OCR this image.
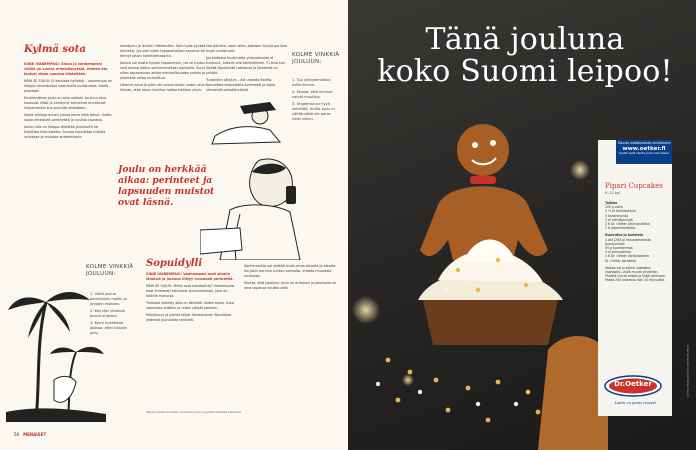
Kylmä sota

SINIE IVANEMPÄSI: Sinun ja vanhempiesi välillä on suuria erimielisyyksiä, etenkä ota joulusi viime vuosina kiistellään.

RÄIN SE SUJUU: Ei kannata hyökätä – vanhempia on helppo raivostuttaa vaatimalla uudistuksia. Aloita pienestä.

Ensimmäinen joulu on aina vaikein. Jouluun aina kuuluvat riidat ja kiristynyt tunnelma muuttuvat helpommiksi kun puhutte etukäteen.

Vasta viikkoja ennen juhlaa kerro mitä toivot. Voitte sopia yhteisistä perinteistä ja uusista tavoista.

Joulun alla on helppo lähettää joulukortti tai kirjoittaa kirje kaikille. Sanoja kannattaa miettiä rauhassa ja muistaa anteeksianto.

kemäpeni jo leuhän riitelemään. Voit myös pyytää anteeksi, jos olet viime tapaamisellasi sanonut tai tehnyt jotain harkitsematonta.

Joulusi voi avata hyvien tapaamisen, jos se tuntuu sinä alussa oletus vanhemmaltasi sopivalta. Suuri sillan tapaaminen antaa mahdollisuuden palata ja jokaiselle aikaa rauhoittua.

Lämmin sana ja pieni ele voivat avata uuden alun. Muista, ettei sinun tarvitse hoitaa kaikkea yksin.

kaa palveta, vaan ollein jokaisen ilpryjä perinne myös uudistuvat.

Jos kaikesta huolimatta yhteydenotto ei tuntunut, kokeile olla kärsivällinen. Ei aina kun löytää täydellistä ratkaisua ja tärkeintä on yrittää.

Tunteiden säilytys – älä unohda itseäsi. Kannattaa keskustella avoimesti ja sopia yhteisistä pelisäännöistä.

KOLME VINKKIÄ JOULUUN:

1. Tuo yhteydenottoa esille kerran.

2. Muista, että ihmiset voivat muuttua.

3. Ongelmat on hyvä selvittää, mutta joulu ei välttämättä ole paras hetki siihen.

Joulu on herkkää aikaa: perinteet ja lapsuuden muistot ovat läsnä.
KOLME VINKKIÄ JOULUUN:

1. Vietä joulua perinteisen mallin ja arvojen mukaan.

2. Käy läpi yhdessä joulun ohjelma.

3. Kerro toiveistasi ajoissa, ettei kukaan pety.

Sopuidylli

SINIE IVANEMPÄSI: Vanhempasi ovat sinulle läheisiä ja jouluun liittyy runsaasti perinteitä.

RÄIN SE SUJUU: Mitkä ovat kohokohtia? Vanhempasi ovat ilmeisesti tottuneet joulunviettoon, joka on kaikille mieluisa.

Yhdessä vietetty aika on tärkeää. Voitte sopia, kuka valmistaa mitäkin ja miten päivät jaetaan.

Kiitollisuus ja pienet lahjat ilahduttavat. Nauttikaa yhdessä jouluisista hetkistä.

Vanhemmille voi esittää myös omia toiveita ja ideoita. Jos jokin perinne tuntuu vanhalta, ehdota muutosta rauhassa.

Muista, että jokainen joulu on erilainen ja jokaisella on oma tapansa nauttia siitä.

Näissä ohjeissa kuvataan muutamia joulun tyypillisiä tilanteita perheissä.
56 MENAISET
Tänä jouluna
koko Suomi leipoo!
Pipari Cupcakes
6–12 kpl

Taikina

200 g voita

1 ½ dl fariinisokeria

3 kananmunaa

3 dl vehnäjauhoja

2 tl Dr. Oetker Leivinjauhetta

2 tl piparimausteita

Kuorrutus ja koristelu

1 pkt (200 g) maustamatonta tuorejuustoa

50 g tuorekermaa

3 dl tomusokeria

1 tl Dr. Oetker Vaniljasokeria

Dr. Oetker koristeita

Vatkaa voi ja sokeri vaaleaksi vaahdoksi. Lisää munat yksitellen. Yhdistä kuivat aineet ja lisää taikinaan. Paista 200 asteessa noin 20 minuuttia.

Tutustu uudistuneisiin sivuihimme
www.oetker.fi
Löydät sieltä ideoita joulun leivontaan!
Dr.Oetker
Laatu on paras resepti.
www.facebook.com/drOetkerSuomi
